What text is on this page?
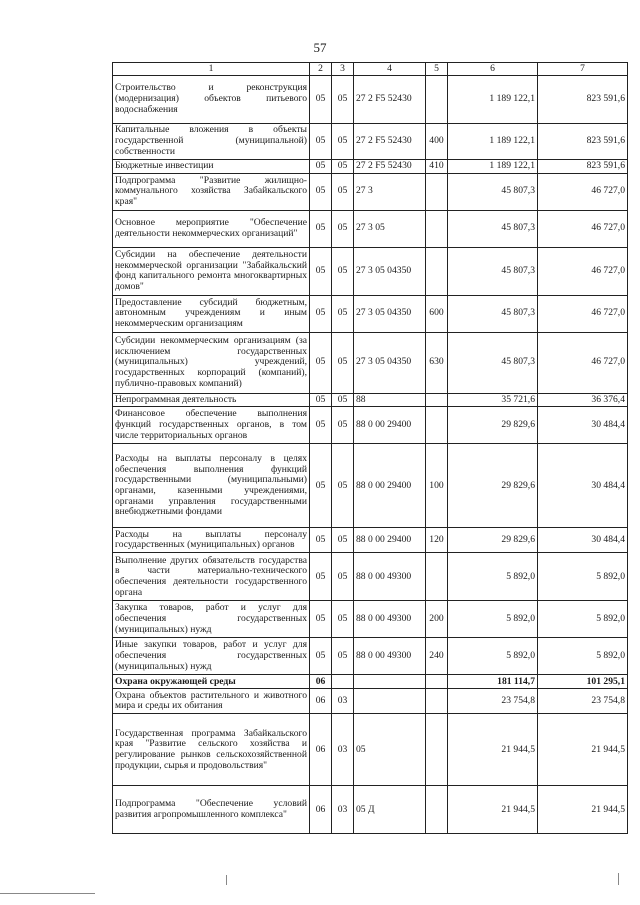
57
1	2	3	4	5	6	7
Строительство и реконструкция (модернизация) объектов питьевого водоснабжения	05	05	27 2 F5 52430		1 189 122,1	823 591,6
Капитальные вложения в объекты государственной (муниципальной) собственности	05	05	27 2 F5 52430	400	1 189 122,1	823 591,6
Бюджетные инвестиции	05	05	27 2 F5 52430	410	1 189 122,1	823 591,6
Подпрограмма "Развитие жилищно-коммунального хозяйства Забайкальского края"	05	05	27 3		45 807,3	46 727,0
Основное мероприятие "Обеспечение деятельности некоммерческих организаций"	05	05	27 3 05		45 807,3	46 727,0
Субсидии на обеспечение деятельности некоммерческой организации "Забайкальский фонд капитального ремонта многоквартирных домов"	05	05	27 3 05 04350		45 807,3	46 727,0
Предоставление субсидий бюджетным, автономным учреждениям и иным некоммерческим организациям	05	05	27 3 05 04350	600	45 807,3	46 727,0
Субсидии некоммерческим организациям (за исключением государственных (муниципальных) учреждений, государственных корпораций (компаний), публично-правовых компаний)	05	05	27 3 05 04350	630	45 807,3	46 727,0
Непрограммная деятельность	05	05	88		35 721,6	36 376,4
Финансовое обеспечение выполнения функций государственных органов, в том числе территориальных органов	05	05	88 0 00 29400		29 829,6	30 484,4
Расходы на выплаты персоналу в целях обеспечения выполнения функций государственными (муниципальными) органами, казенными учреждениями, органами управления государственными внебюджетными фондами	05	05	88 0 00 29400	100	29 829,6	30 484,4
Расходы на выплаты персоналу государственных (муниципальных) органов	05	05	88 0 00 29400	120	29 829,6	30 484,4
Выполнение других обязательств государства в части материально-технического обеспечения деятельности государственного органа	05	05	88 0 00 49300		5 892,0	5 892,0
Закупка товаров, работ и услуг для обеспечения государственных (муниципальных) нужд	05	05	88 0 00 49300	200	5 892,0	5 892,0
Иные закупки товаров, работ и услуг для обеспечения государственных (муниципальных) нужд	05	05	88 0 00 49300	240	5 892,0	5 892,0
Охрана окружающей среды	06				181 114,7	101 295,1
Охрана объектов растительного и животного мира и среды их обитания	06	03			23 754,8	23 754,8
Государственная программа Забайкальского края "Развитие сельского хозяйства и регулирование рынков сельскохозяйственной продукции, сырья и продовольствия"	06	03	05		21 944,5	21 944,5
Подпрограмма "Обеспечение условий развития агропромышленного комплекса"	06	03	05 Д		21 944,5	21 944,5
